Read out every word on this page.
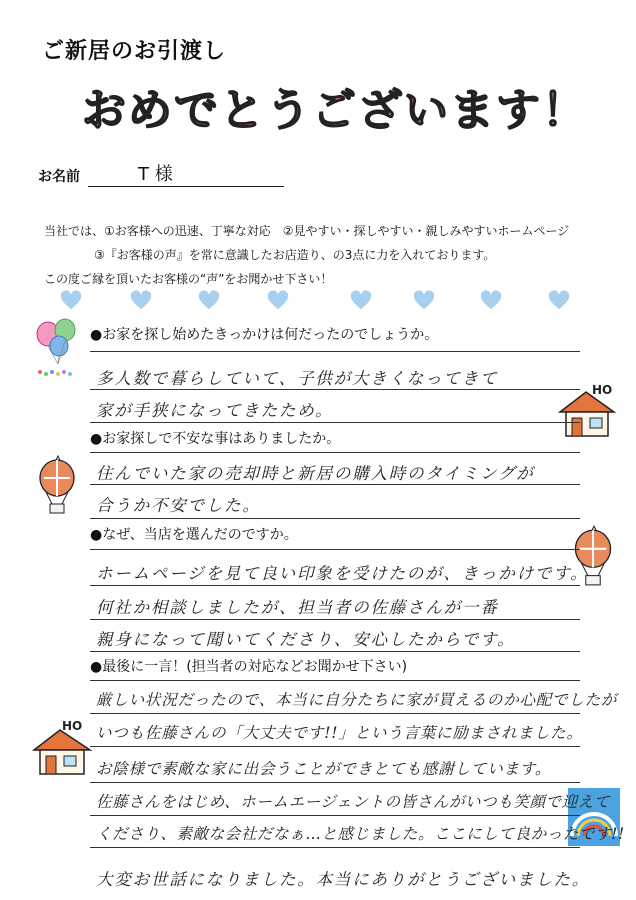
ご新居のお引渡し
おめでとうございます！
お名前	T 様
当社では、①お客様への迅速、丁寧な対応　②見やすい・探しやすい・親しみやすいホームページ
③『お客様の声』を常に意識したお店造り、の3点に力を入れております。
この度ご縁を頂いたお客様の“声”をお聞かせ下さい！
HO
HO
●お家を探し始めたきっかけは何だったのでしょうか。
多人数で暮らしていて、子供が大きくなってきて
家が手狭になってきたため。
●お家探しで不安な事はありましたか。
住んでいた家の売却時と新居の購入時のタイミングが
合うか不安でした。
●なぜ、当店を選んだのですか。
ホームページを見て良い印象を受けたのが、きっかけです。
何社か相談しましたが、担当者の佐藤さんが一番
親身になって聞いてくださり、安心したからです。
●最後に一言！(担当者の対応などお聞かせ下さい)
厳しい状況だったので、本当に自分たちに家が買えるのか心配でしたが
いつも佐藤さんの「大丈夫です!!」という言葉に励まされました。
お陰様で素敵な家に出会うことができとても感謝しています。
佐藤さんをはじめ、ホームエージェントの皆さんがいつも笑顔で迎えて
くださり、素敵な会社だなぁ…と感じました。ここにして良かったです!!
大変お世話になりました。本当にありがとうございました。
